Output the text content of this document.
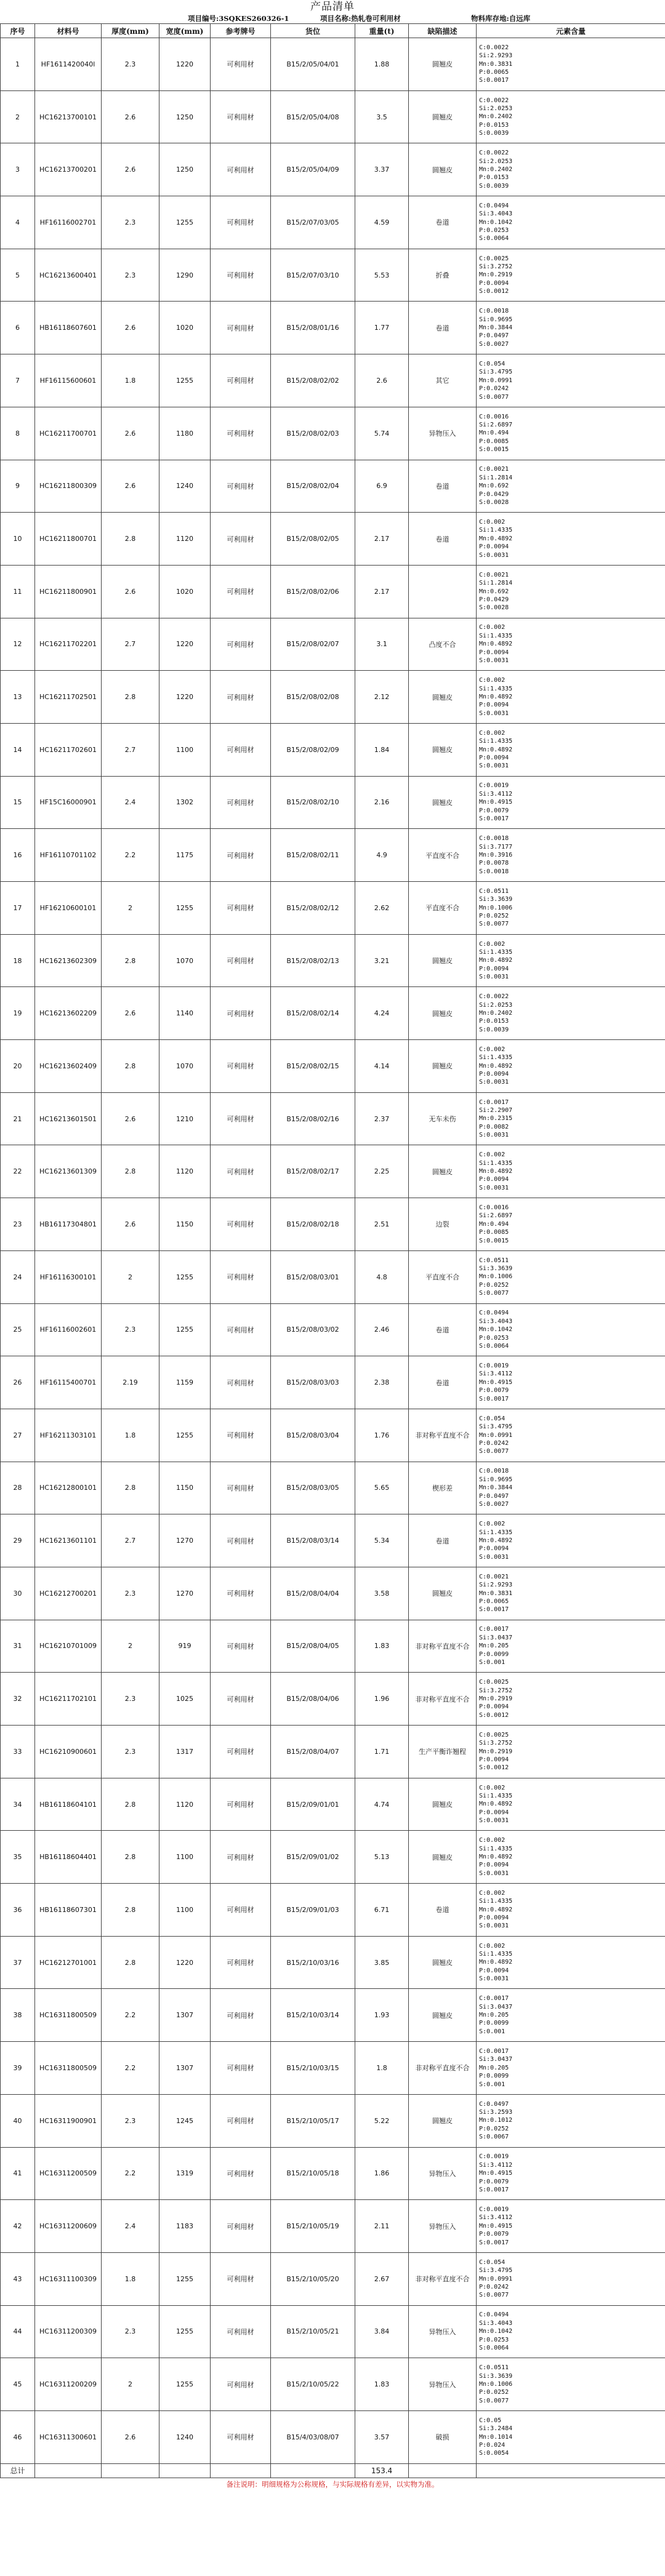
产品清单
项目编号:3SQKES260326-1	项目名称:热轧卷可利用材	物料库存地:自远库
序号	材料号	厚度(mm)	宽度(mm)	参考牌号	货位	重量(t)	缺陷描述	元素含量
1	HF1611420040l	2.3	1220	可利用材	B15/2/05/04/01	1.88	圆翘皮	C:0.0022
Si:2.9293
Mn:0.3831
P:0.0065
S:0.0017

2	HC16213700101	2.6	1250	可利用材	B15/2/05/04/08	3.5	圆翘皮	C:0.0022
Si:2.0253
Mn:0.2402
P:0.0153
S:0.0039

3	HC16213700201	2.6	1250	可利用材	B15/2/05/04/09	3.37	圆翘皮	C:0.0022
Si:2.0253
Mn:0.2402
P:0.0153
S:0.0039

4	HF16116002701	2.3	1255	可利用材	B15/2/07/03/05	4.59	卷道	C:0.0494
Si:3.4043
Mn:0.1042
P:0.0253
S:0.0064

5	HC16213600401	2.3	1290	可利用材	B15/2/07/03/10	5.53	折叠	C:0.0025
Si:3.2752
Mn:0.2919
P:0.0094
S:0.0012

6	HB16118607601	2.6	1020	可利用材	B15/2/08/01/16	1.77	卷道	C:0.0018
Si:0.9695
Mn:0.3844
P:0.0497
S:0.0027

7	HF16115600601	1.8	1255	可利用材	B15/2/08/02/02	2.6	其它	C:0.054
Si:3.4795
Mn:0.0991
P:0.0242
S:0.0077

8	HC16211700701	2.6	1180	可利用材	B15/2/08/02/03	5.74	异物压入	C:0.0016
Si:2.6897
Mn:0.494
P:0.0085
S:0.0015

9	HC16211800309	2.6	1240	可利用材	B15/2/08/02/04	6.9	卷道	C:0.0021
Si:1.2814
Mn:0.692
P:0.0429
S:0.0028

10	HC16211800701	2.8	1120	可利用材	B15/2/08/02/05	2.17	卷道	C:0.002
Si:1.4335
Mn:0.4892
P:0.0094
S:0.0031

11	HC16211800901	2.6	1020	可利用材	B15/2/08/02/06	2.17		C:0.0021
Si:1.2814
Mn:0.692
P:0.0429
S:0.0028

12	HC16211702201	2.7	1220	可利用材	B15/2/08/02/07	3.1	凸度不合	C:0.002
Si:1.4335
Mn:0.4892
P:0.0094
S:0.0031

13	HC16211702501	2.8	1220	可利用材	B15/2/08/02/08	2.12	圆翘皮	C:0.002
Si:1.4335
Mn:0.4892
P:0.0094
S:0.0031

14	HC16211702601	2.7	1100	可利用材	B15/2/08/02/09	1.84	圆翘皮	C:0.002
Si:1.4335
Mn:0.4892
P:0.0094
S:0.0031

15	HF15C16000901	2.4	1302	可利用材	B15/2/08/02/10	2.16	圆翘皮	C:0.0019
Si:3.4112
Mn:0.4915
P:0.0079
S:0.0017

16	HF16110701102	2.2	1175	可利用材	B15/2/08/02/11	4.9	平直度不合	C:0.0018
Si:3.7177
Mn:0.3916
P:0.0078
S:0.0018

17	HF16210600101	2	1255	可利用材	B15/2/08/02/12	2.62	平直度不合	C:0.0511
Si:3.3639
Mn:0.1006
P:0.0252
S:0.0077

18	HC16213602309	2.8	1070	可利用材	B15/2/08/02/13	3.21	圆翘皮	C:0.002
Si:1.4335
Mn:0.4892
P:0.0094
S:0.0031

19	HC16213602209	2.6	1140	可利用材	B15/2/08/02/14	4.24	圆翘皮	C:0.0022
Si:2.0253
Mn:0.2402
P:0.0153
S:0.0039

20	HC16213602409	2.8	1070	可利用材	B15/2/08/02/15	4.14	圆翘皮	C:0.002
Si:1.4335
Mn:0.4892
P:0.0094
S:0.0031

21	HC16213601501	2.6	1210	可利用材	B15/2/08/02/16	2.37	无车未伤	C:0.0017
Si:2.2907
Mn:0.2315
P:0.0082
S:0.0031

22	HC16213601309	2.8	1120	可利用材	B15/2/08/02/17	2.25	圆翘皮	C:0.002
Si:1.4335
Mn:0.4892
P:0.0094
S:0.0031

23	HB16117304801	2.6	1150	可利用材	B15/2/08/02/18	2.51	边裂	C:0.0016
Si:2.6897
Mn:0.494
P:0.0085
S:0.0015

24	HF16116300101	2	1255	可利用材	B15/2/08/03/01	4.8	平直度不合	C:0.0511
Si:3.3639
Mn:0.1006
P:0.0252
S:0.0077

25	HF16116002601	2.3	1255	可利用材	B15/2/08/03/02	2.46	卷道	C:0.0494
Si:3.4043
Mn:0.1042
P:0.0253
S:0.0064

26	HF16115400701	2.19	1159	可利用材	B15/2/08/03/03	2.38	卷道	C:0.0019
Si:3.4112
Mn:0.4915
P:0.0079
S:0.0017

27	HF16211303101	1.8	1255	可利用材	B15/2/08/03/04	1.76	非对称平直度不合	C:0.054
Si:3.4795
Mn:0.0991
P:0.0242
S:0.0077

28	HC16212800101	2.8	1150	可利用材	B15/2/08/03/05	5.65	楔形差	C:0.0018
Si:0.9695
Mn:0.3844
P:0.0497
S:0.0027

29	HC16213601101	2.7	1270	可利用材	B15/2/08/03/14	5.34	卷道	C:0.002
Si:1.4335
Mn:0.4892
P:0.0094
S:0.0031

30	HC16212700201	2.3	1270	可利用材	B15/2/08/04/04	3.58	圆翘皮	C:0.0021
Si:2.9293
Mn:0.3831
P:0.0065
S:0.0017

31	HC16210701009	2	919	可利用材	B15/2/08/04/05	1.83	非对称平直度不合	C:0.0017
Si:3.0437
Mn:0.205
P:0.0099
S:0.001

32	HC16211702101	2.3	1025	可利用材	B15/2/08/04/06	1.96	非对称平直度不合	C:0.0025
Si:3.2752
Mn:0.2919
P:0.0094
S:0.0012

33	HC16210900601	2.3	1317	可利用材	B15/2/08/04/07	1.71	生产平衡诈翘程	C:0.0025
Si:3.2752
Mn:0.2919
P:0.0094
S:0.0012

34	HB16118604101	2.8	1120	可利用材	B15/2/09/01/01	4.74	圆翘皮	C:0.002
Si:1.4335
Mn:0.4892
P:0.0094
S:0.0031

35	HB16118604401	2.8	1100	可利用材	B15/2/09/01/02	5.13	圆翘皮	C:0.002
Si:1.4335
Mn:0.4892
P:0.0094
S:0.0031

36	HB16118607301	2.8	1100	可利用材	B15/2/09/01/03	6.71	卷道	C:0.002
Si:1.4335
Mn:0.4892
P:0.0094
S:0.0031

37	HC16212701001	2.8	1220	可利用材	B15/2/10/03/16	3.85	圆翘皮	C:0.002
Si:1.4335
Mn:0.4892
P:0.0094
S:0.0031

38	HC16311800509	2.2	1307	可利用材	B15/2/10/03/14	1.93	圆翘皮	C:0.0017
Si:3.0437
Mn:0.205
P:0.0099
S:0.001

39	HC16311800509	2.2	1307	可利用材	B15/2/10/03/15	1.8	非对称平直度不合	C:0.0017
Si:3.0437
Mn:0.205
P:0.0099
S:0.001

40	HC16311900901	2.3	1245	可利用材	B15/2/10/05/17	5.22	圆翘皮	C:0.0497
Si:3.2593
Mn:0.1012
P:0.0252
S:0.0067

41	HC16311200509	2.2	1319	可利用材	B15/2/10/05/18	1.86	异物压入	C:0.0019
Si:3.4112
Mn:0.4915
P:0.0079
S:0.0017

42	HC16311200609	2.4	1183	可利用材	B15/2/10/05/19	2.11	异物压入	C:0.0019
Si:3.4112
Mn:0.4915
P:0.0079
S:0.0017

43	HC16311100309	1.8	1255	可利用材	B15/2/10/05/20	2.67	非对称平直度不合	C:0.054
Si:3.4795
Mn:0.0991
P:0.0242
S:0.0077

44	HC16311200309	2.3	1255	可利用材	B15/2/10/05/21	3.84	异物压入	C:0.0494
Si:3.4043
Mn:0.1042
P:0.0253
S:0.0064

45	HC16311200209	2	1255	可利用材	B15/2/10/05/22	1.83	异物压入	C:0.0511
Si:3.3639
Mn:0.1006
P:0.0252
S:0.0077

46	HC16311300601	2.6	1240	可利用材	B15/4/03/08/07	3.57	破损	C:0.05
Si:3.2484
Mn:0.1014
P:0.024
S:0.0054

总计						153.4		
备注说明：明细规格为公称规格，与实际规格有差异，以实物为准。
